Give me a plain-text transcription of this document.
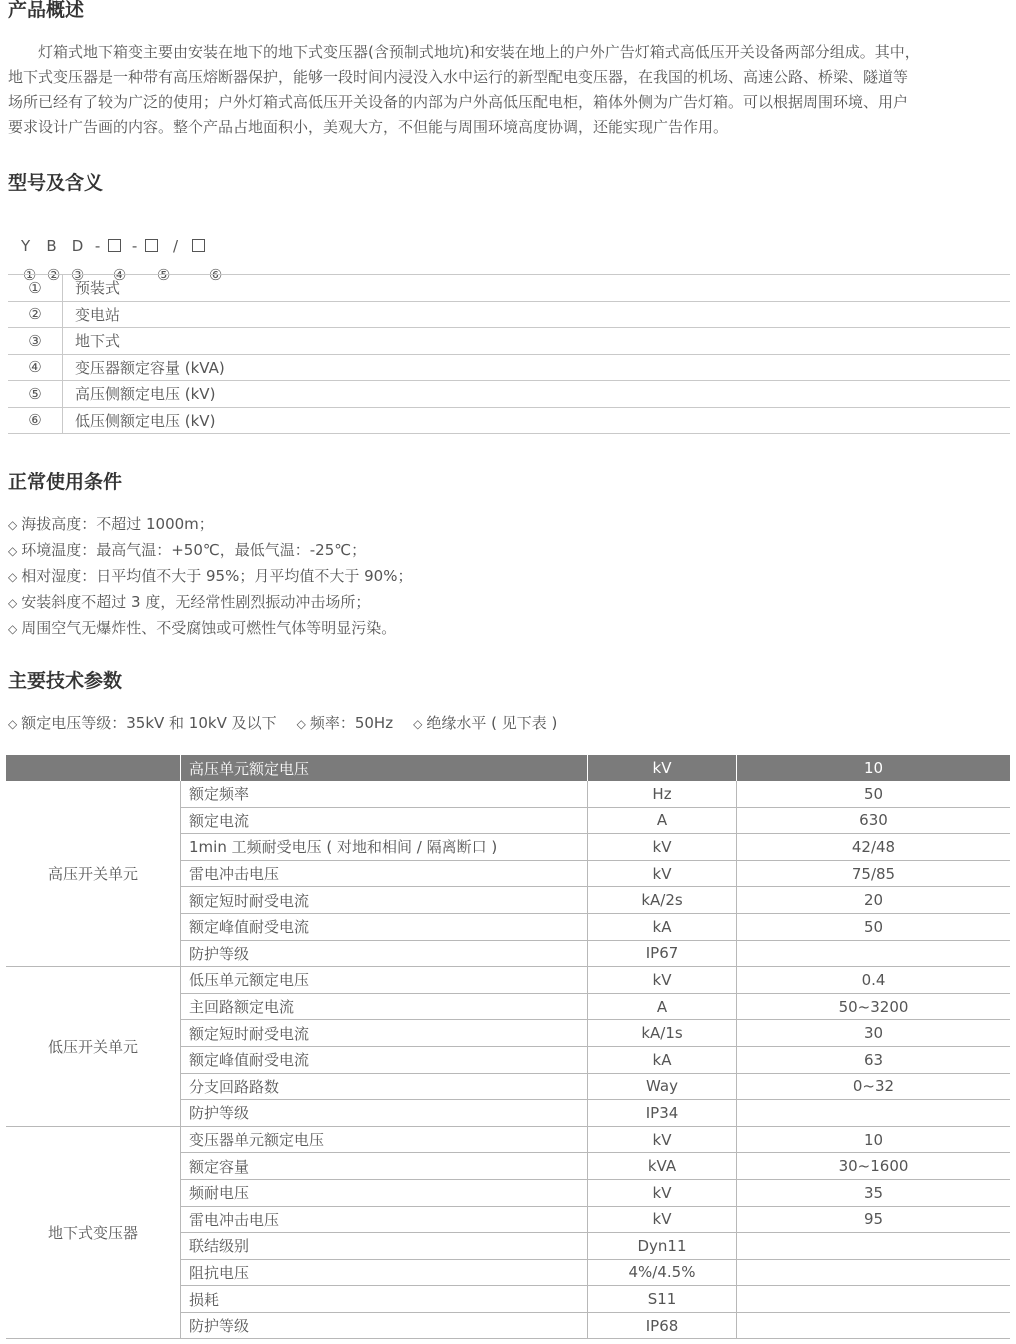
产品概述
　　灯箱式地下箱变主要由安装在地下的地下式变压器(含预制式地坑)和安装在地上的户外广告灯箱式高低压开关设备两部分组成。其中，
地下式变压器是一种带有高压熔断器保护，能够一段时间内浸没入水中运行的新型配电变压器，在我国的机场、高速公路、桥梁、隧道等
场所已经有了较为广泛的使用；户外灯箱式高低压开关设备的内部为户外高低压配电柜，箱体外侧为广告灯箱。可以根据周围环境、用户
要求设计广告画的内容。整个产品占地面积小，美观大方，不但能与周围环境高度协调，还能实现广告作用。
型号及含义

Y B D - - /

① ② ③ ④ ⑤	⑥

①	预装式
②	变电站
③	地下式
④	变压器额定容量 (kVA)
⑤	高压侧额定电压 (kV)
⑥	低压侧额定电压 (kV)
正常使用条件
◇ 海拔高度：不超过 1000m；
◇ 环境温度：最高气温：+50℃，最低气温：-25℃；
◇ 相对湿度：日平均值不大于 95%；月平均值不大于 90%；
◇ 安装斜度不超过 3 度，无经常性剧烈振动冲击场所；
◇ 周围空气无爆炸性、不受腐蚀或可燃性气体等明显污染。
主要技术参数
◇ 额定电压等级：35kV 和 10kV 及以下 ◇ 频率：50Hz ◇ 绝缘水平 ( 见下表 )
	高压单元额定电压	kV	10
高压开关单元	额定频率	Hz	50
	额定电流	A	630
	1min 工频耐受电压 ( 对地和相间 / 隔离断口 )	kV	42/48
	雷电冲击电压	kV	75/85
	额定短时耐受电流	kA/2s	20
	额定峰值耐受电流	kA	50
	防护等级	IP67	
低压开关单元	低压单元额定电压	kV	0.4
	主回路额定电流	A	50~3200
	额定短时耐受电流	kA/1s	30
	额定峰值耐受电流	kA	63
	分支回路路数	Way	0~32
	防护等级	IP34	
地下式变压器	变压器单元额定电压	kV	10
	额定容量	kVA	30~1600
	频耐电压	kV	35
	雷电冲击电压	kV	95
	联结级别	Dyn11	
	阻抗电压	4%/4.5%	
	损耗	S11	
	防护等级	IP68	
